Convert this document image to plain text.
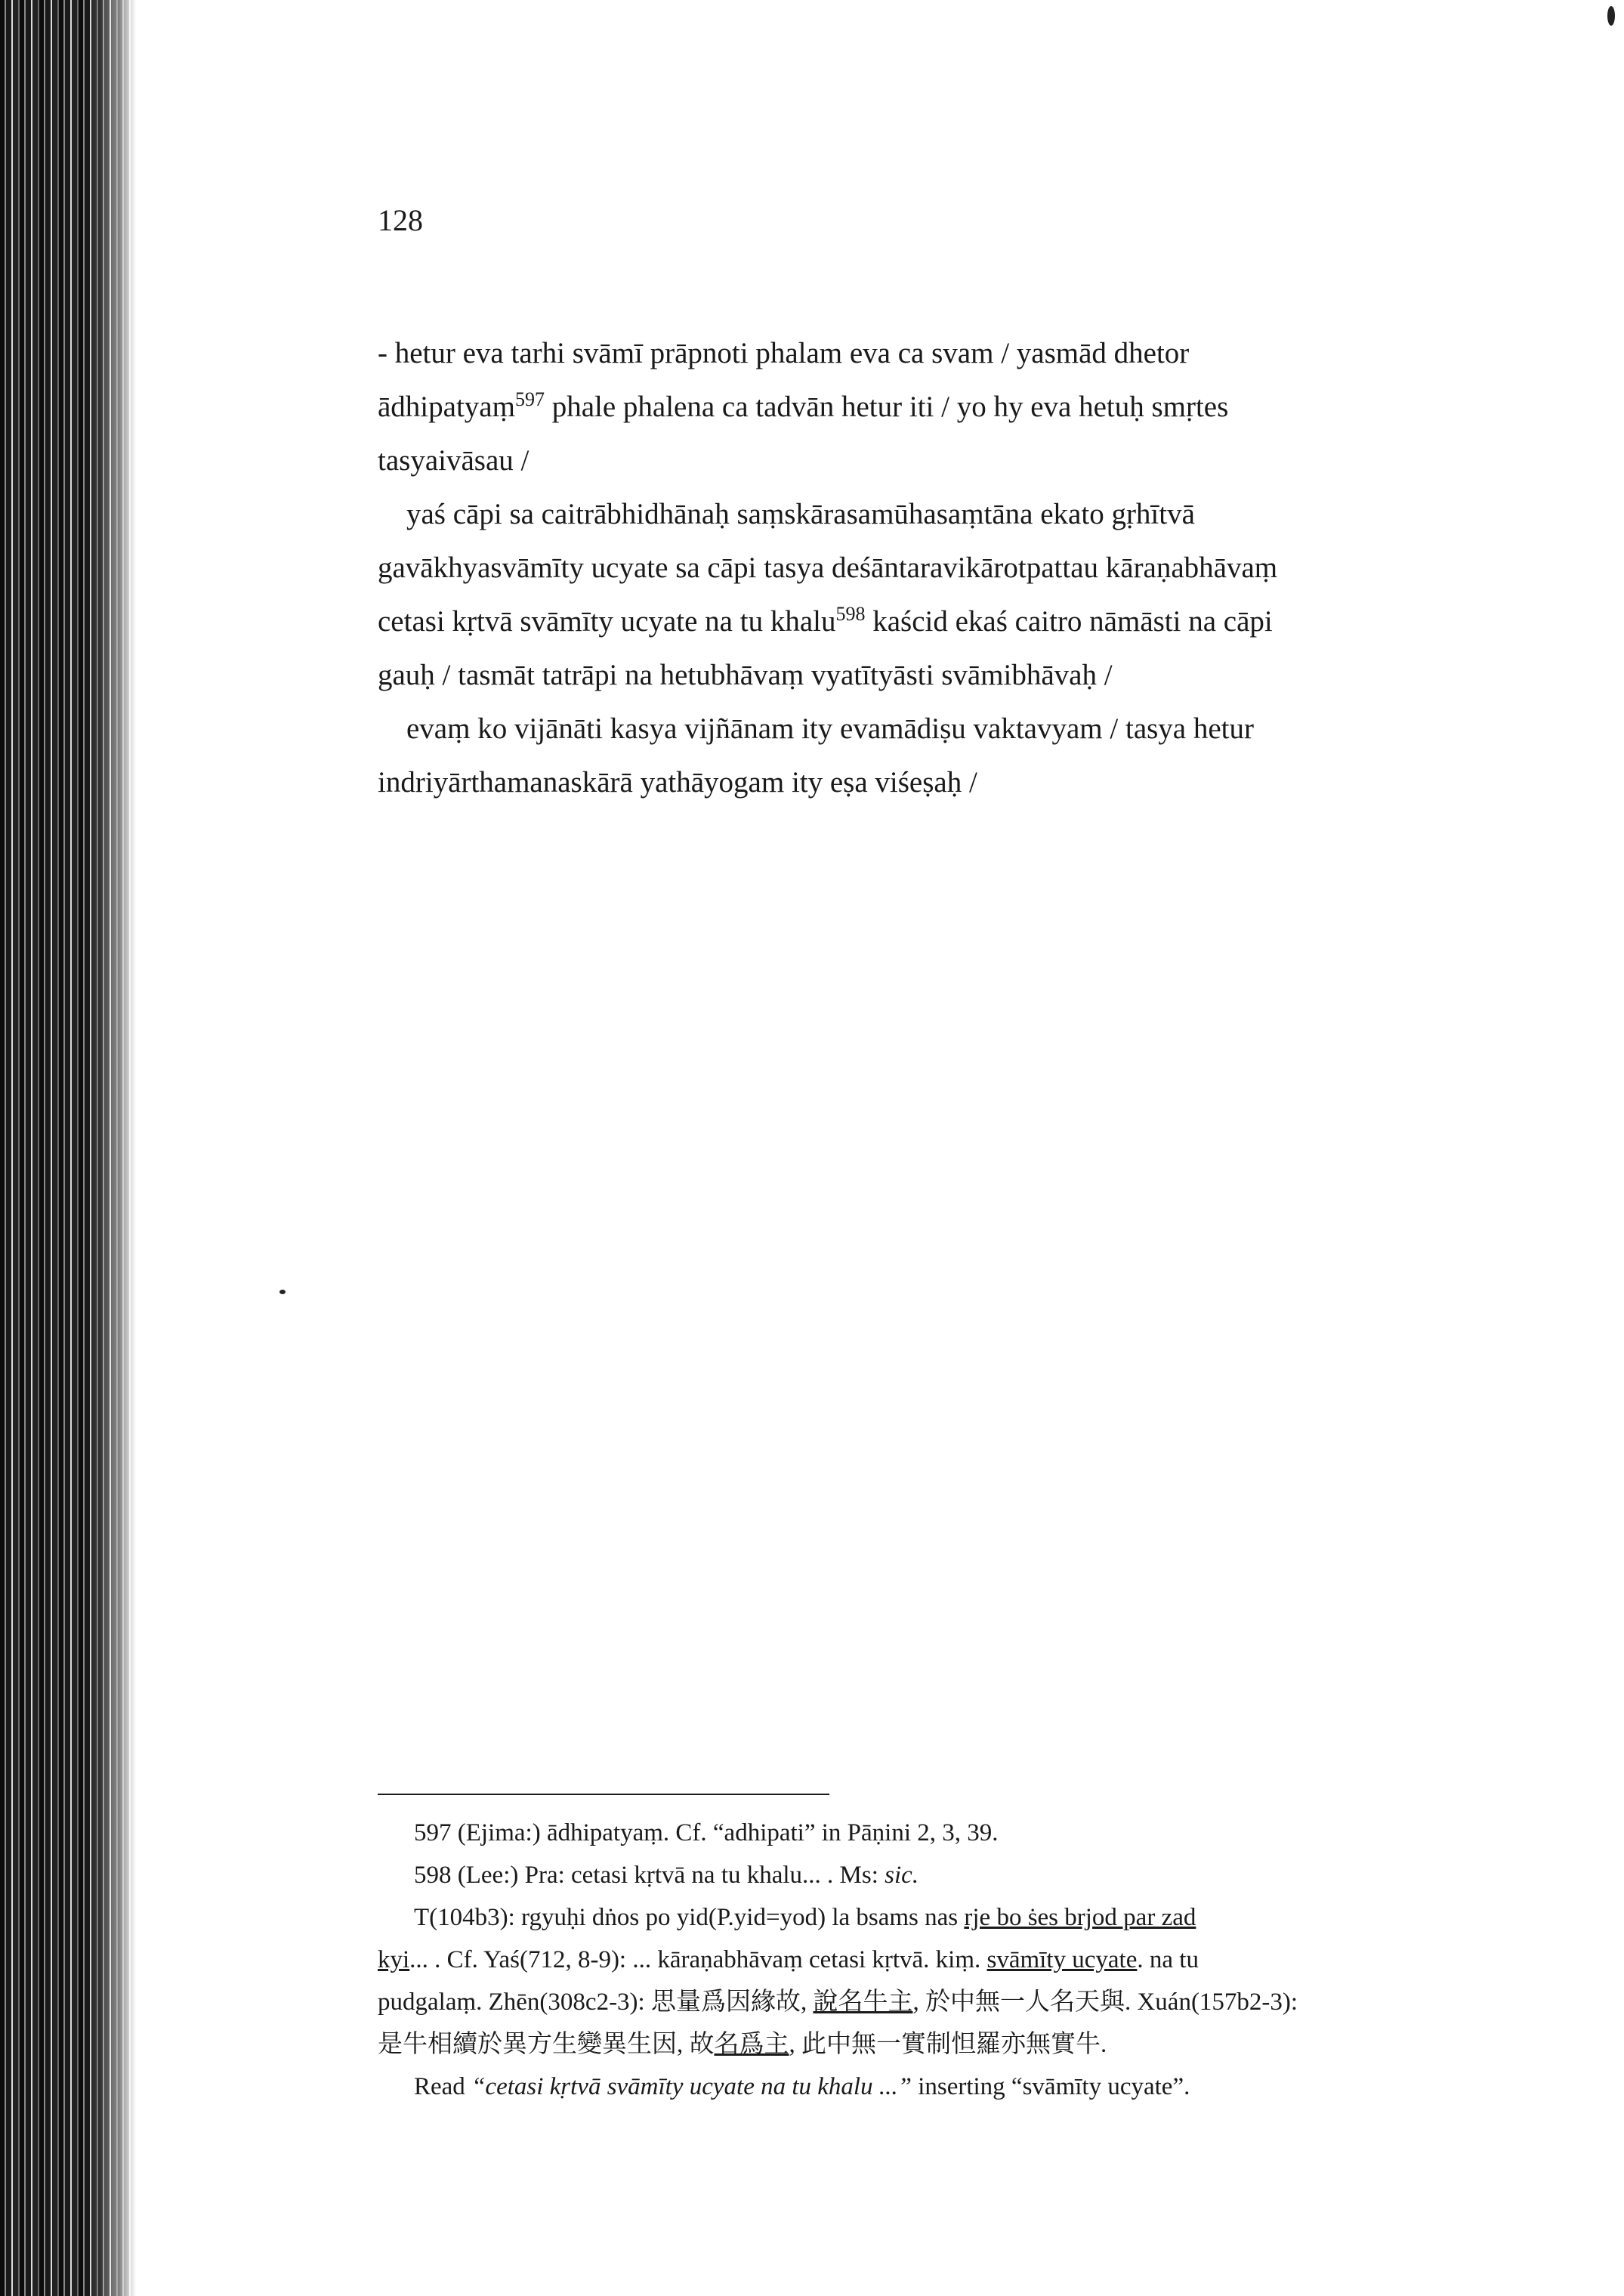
128

- hetur eva tarhi svāmī prāpnoti phalam eva ca svam / yasmād dhetor

ādhipatyaṃ$^{597}$ phale phalena ca tadvān hetur iti / yo hy eva hetuḥ smṛtes

tasyaivāsau /

yaś cāpi sa caitrābhidhānaḥ saṃskārasamūhasaṃtāna ekato gṛhītvā

gavākhyasvāmīty ucyate sa cāpi tasya deśāntaravikārotpattau kāraṇabhāvaṃ

cetasi kṛtvā svāmīty ucyate na tu khalu$^{598}$ kaścid ekaś caitro nāmāsti na cāpi

gauḥ / tasmāt tatrāpi na hetubhāvaṃ vyatītyāsti svāmibhāvaḥ /

evaṃ ko vijānāti kasya vijñānam ity evamādiṣu vaktavyam / tasya hetur

indriyārthamanaskārā yathāyogam ity eṣa viśeṣaḥ /

597 (Ejima:) ādhipatyaṃ. Cf. “adhipati” in Pāṇini 2, 3, 39.

598 (Lee:) Pra: cetasi kṛtvā na tu khalu... . Ms: sic.

T(104b3): rgyuḥi dṅos po yid(P.yid=yod) la bsams nas rje bo ṡes brjod par zad

kyi... . Cf. Yaś(712, 8-9): ... kāraṇabhāvaṃ cetasi kṛtvā. kiṃ. svāmīty ucyate. na tu

pudgalaṃ. Zhēn(308c2-3): 思量爲因緣故, 說名牛主, 於中無一人名天與. Xuán(157b2-3):

是牛相續於異方生變異生因, 故名爲主, 此中無一實制怛羅亦無實牛.

Read “cetasi kṛtvā svāmīty ucyate na tu khalu ...” inserting “svāmīty ucyate”.
